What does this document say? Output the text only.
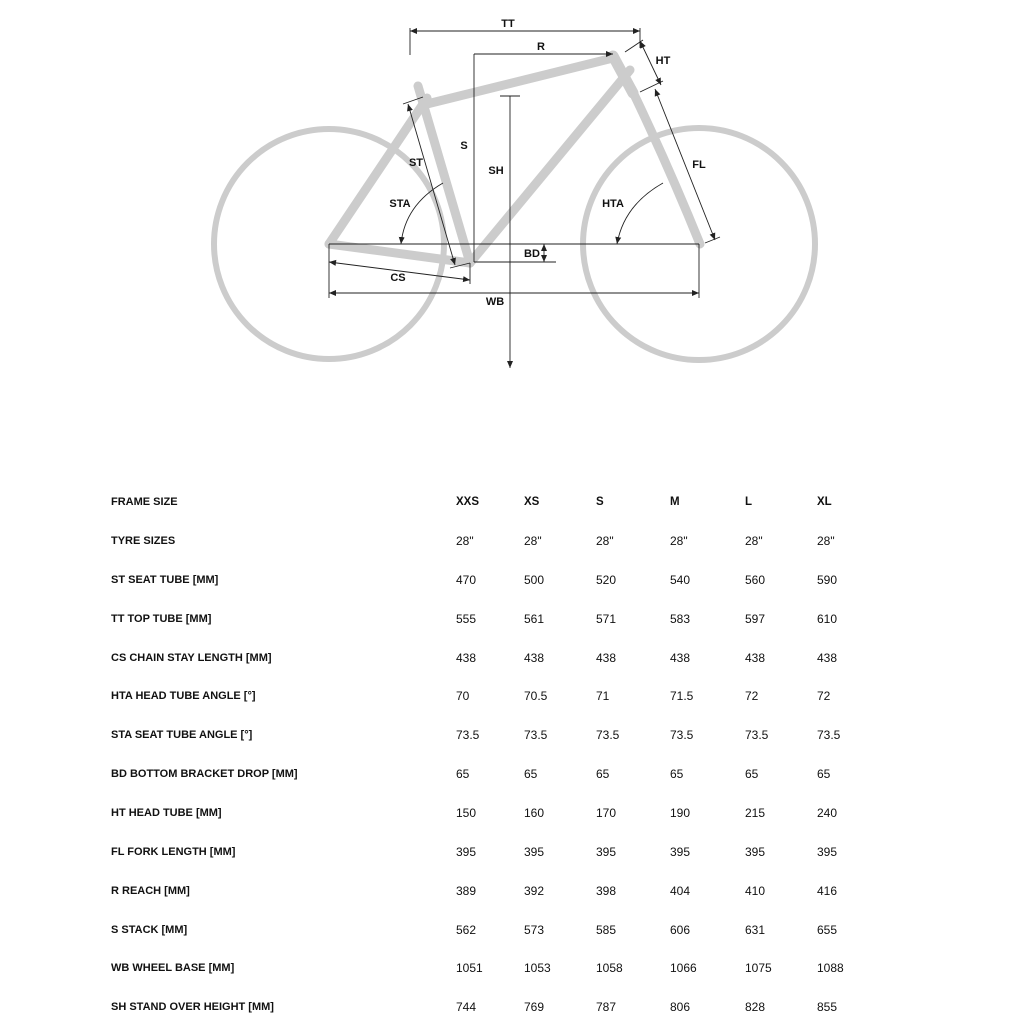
TT
R
HT
S
ST
SH	FL
STA	HTA
BD
CS
WB
FRAME SIZE	XXS	XS	S	M	L	XL
TYRE SIZES	28"	28"	28"	28"	28"	28"
ST SEAT TUBE [MM]	470	500	520	540	560	590
TT TOP TUBE [MM]	555	561	571	583	597	610
CS CHAIN STAY LENGTH [MM]	438	438	438	438	438	438
HTA HEAD TUBE ANGLE [°]	70	70.5	71	71.5	72	72
STA SEAT TUBE ANGLE [°]	73.5	73.5	73.5	73.5	73.5	73.5
BD BOTTOM BRACKET DROP [MM]	65	65	65	65	65	65
HT HEAD TUBE [MM]	150	160	170	190	215	240
FL FORK LENGTH [MM]	395	395	395	395	395	395
R REACH [MM]	389	392	398	404	410	416
S STACK [MM]	562	573	585	606	631	655
WB WHEEL BASE [MM]	1051	1053	1058	1066	1075	1088
SH STAND OVER HEIGHT [MM]	744	769	787	806	828	855
